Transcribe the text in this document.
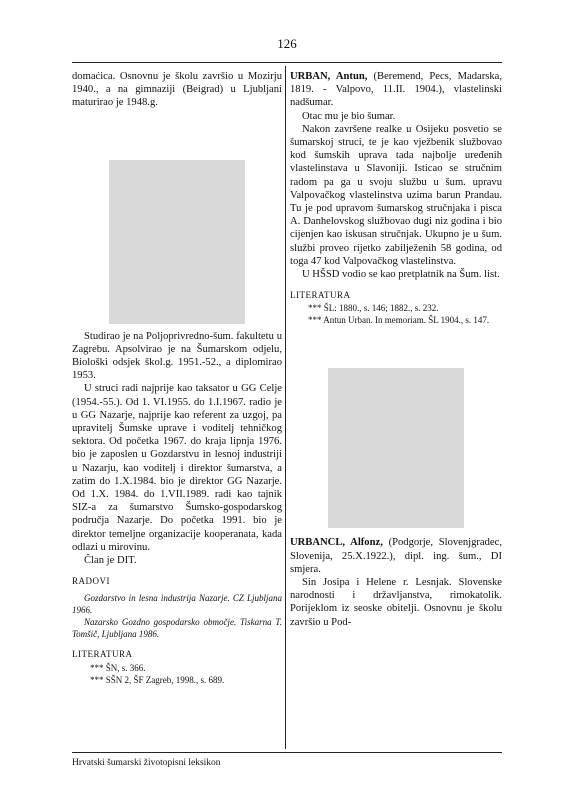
126

domaćica. Osnovnu je školu završio u Mozirju 1940., a na gimnaziji (Beigrad) u Ljubljani maturirao je 1948.g.

Studirao je na Poljoprivredno-šum. fakultetu u Zagrebu. Apsolvirao je na Šumarskom odjelu, Biološki odsjek škol.g. 1951.-52., a diplomirao 1953.

U struci radi najprije kao taksator u GG Celje (1954.-55.). Od 1. VI.1955. do 1.I.1967. radio je u GG Nazarje, najprije kao referent za uzgoj, pa upravitelj Šumske uprave i voditelj tehničkog sektora. Od početka 1967. do kraja lipnja 1976. bio je zaposlen u Gozdarstvu in lesnoj industriji u Nazarju, kao voditelj i direktor šumarstva, a zatim do 1.X.1984. bio je direktor GG Nazarje. Od 1.X. 1984. do 1.VII.1989. radi kao tajnik SIZ-a za šumarstvo Šumsko-gospodarskog područja Nazarje. Do početka 1991. bio je direktor temeljne organizacije kooperanata, kada odlazi u mirovinu.

Član je DIT.

RADOVI

Gozdarstvo in lesna industrija Nazarje. CZ Ljubljana 1966.

Nazarsko Gozdno gospodarsko območje. Tiskarna T. Tomšič, Ljubljana 1986.

LITERATURA

*** ŠN, s. 366.

*** SŠN 2, ŠF Zagreb, 1998., s. 689.

URBAN, Antun, (Beremend, Pecs, Madarska, 1819. - Valpovo, 11.II. 1904.), vlastelinski nadšumar.

Otac mu je bio šumar.

Nakon završene realke u Osijeku posvetio se šumarskoj struci, te je kao vježbenik službovao kod šumskih uprava tada najbolje uređenih vlastelinstava u Slavoniji. Isticao se stručnim radom pa ga u svoju službu u šum. upravu Valpovačkog vlastelinstva uzima barun Prandau. Tu je pod upravom šumarskog stručnjaka i pisca A. Danhelovskog službovao dugi niz godina i bio cijenjen kao iskusan stručnjak. Ukupno je u šum. službi proveo rijetko zabilježenih 58 godina, od toga 47 kod Valpovačkog vlastelinstva.

U HŠSD vodio se kao pretplatnik na Šum. list.

LITERATURA

*** ŠL: 1880., s. 146; 1882., s. 232.

*** Antun Urban. In memoriam. ŠL 1904., s. 147.

URBANCL, Alfonz, (Podgorje, Slovenjgradec, Slovenija, 25.X.1922.), dipl. ing. šum., DI smjera.

Sin Josipa i Helene r. Lesnjak. Slovenske narodnosti i državljanstva, rimokatolik. Porijeklom iz seoske obitelji. Osnovnu je školu završio u Pod-

Hrvatski šumarski životopisni leksikon
